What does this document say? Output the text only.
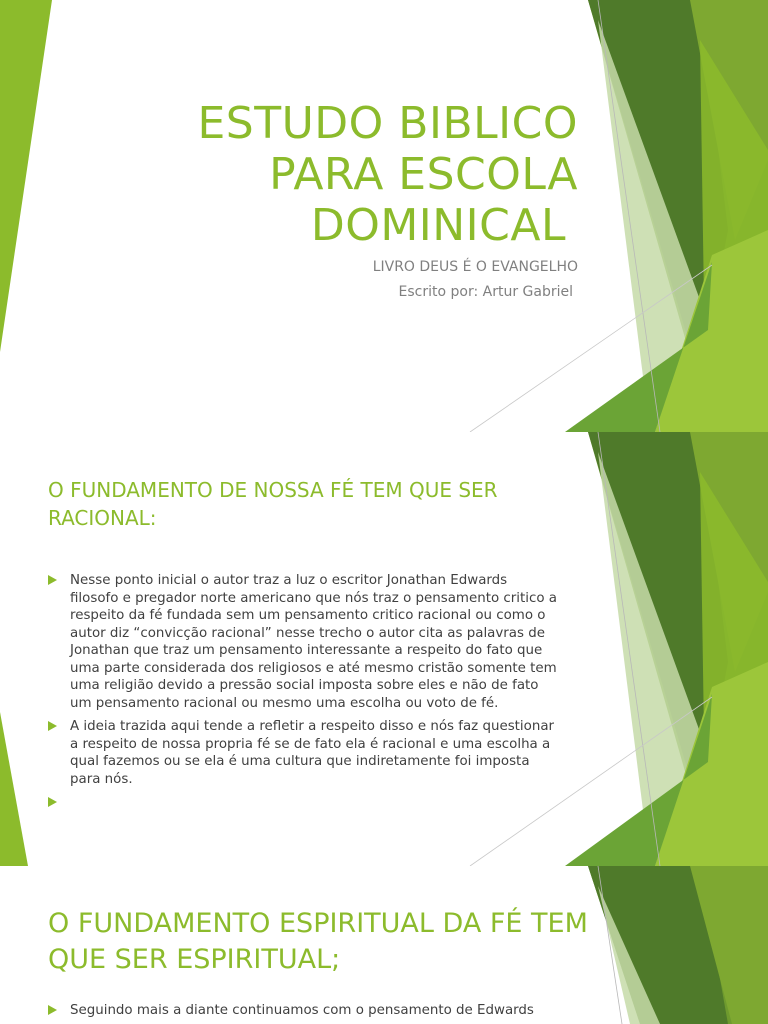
ESTUDO BIBLICO
PARA ESCOLA
DOMINICAL

LIVRO DEUS É O EVANGELHO

Escrito por: Artur Gabriel

O FUNDAMENTO DE NOSSA FÉ TEM QUE SER RACIONAL:
Nesse ponto inicial o autor traz a luz o escritor Jonathan Edwards filosofo e pregador norte americano que nós traz o pensamento critico a respeito da fé fundada sem um pensamento critico racional ou como o autor diz “convicção racional” nesse trecho o autor cita as palavras de Jonathan que traz um pensamento interessante a respeito do fato que uma parte considerada dos religiosos e até mesmo cristão somente tem uma religião devido a pressão social imposta sobre eles e não de fato um pensamento racional ou mesmo uma escolha ou voto de fé.
A ideia trazida aqui tende a refletir a respeito disso e nós faz questionar a respeito de nossa propria fé se de fato ela é racional e uma escolha a qual fazemos ou se ela é uma cultura que indiretamente foi imposta para nós.
O FUNDAMENTO ESPIRITUAL DA FÉ TEM QUE SER ESPIRITUAL;
Seguindo mais a diante continuamos com o pensamento de Edwards
